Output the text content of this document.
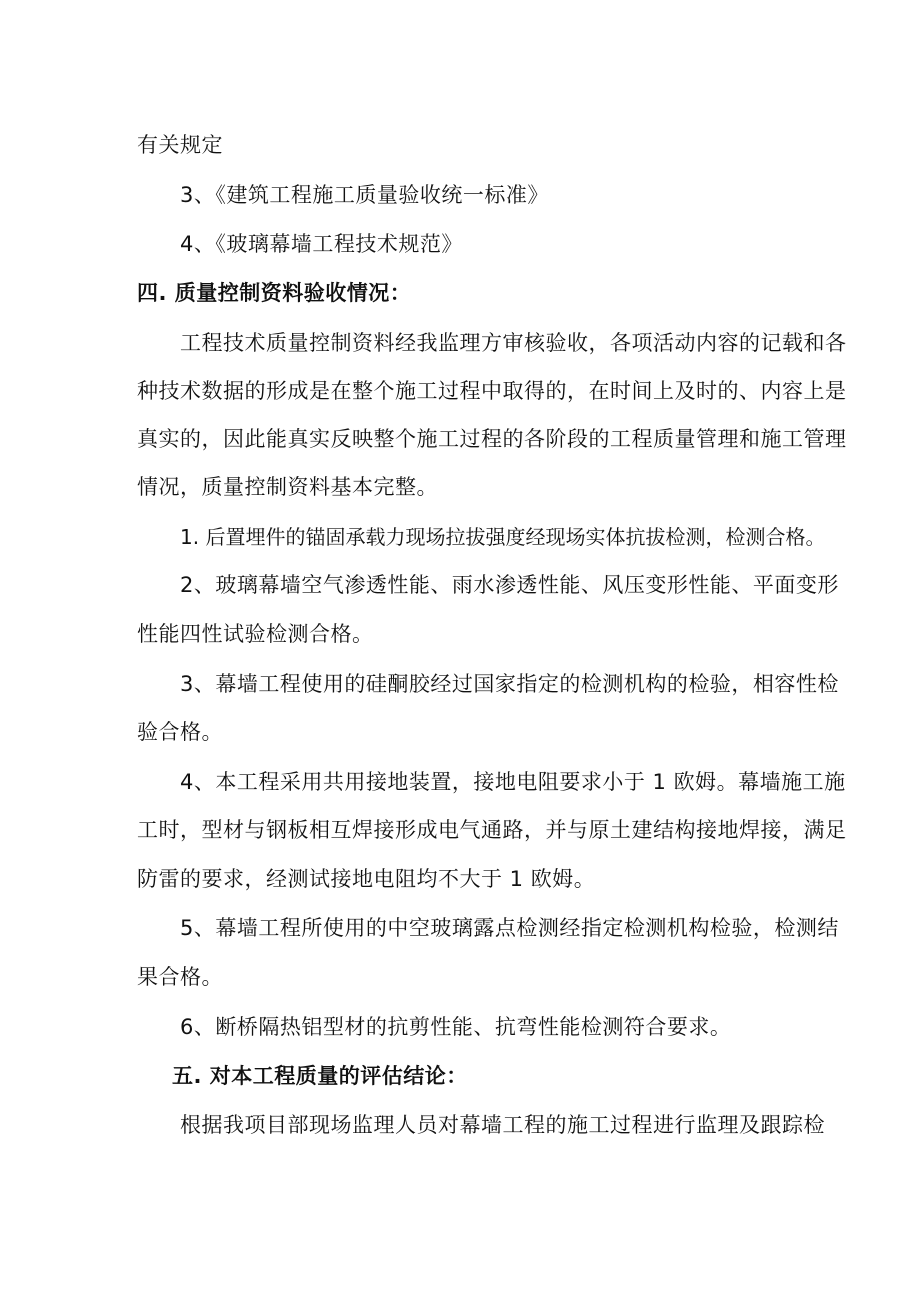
有关规定
3、《建筑工程施工质量验收统一标准》
4、《玻璃幕墙工程技术规范》
四. 质量控制资料验收情况：
工程技术质量控制资料经我监理方审核验收，各项活动内容的记载和各
种技术数据的形成是在整个施工过程中取得的，在时间上及时的、内容上是
真实的，因此能真实反映整个施工过程的各阶段的工程质量管理和施工管理
情况，质量控制资料基本完整。
1. 后置埋件的锚固承载力现场拉拔强度经现场实体抗拔检测，检测合格。
2、玻璃幕墙空气渗透性能、雨水渗透性能、风压变形性能、平面变形
性能四性试验检测合格。
3、幕墙工程使用的硅酮胶经过国家指定的检测机构的检验，相容性检
验合格。
4、本工程采用共用接地装置，接地电阻要求小于 1 欧姆。幕墙施工施
工时，型材与钢板相互焊接形成电气通路，并与原土建结构接地焊接，满足
防雷的要求，经测试接地电阻均不大于 1 欧姆。
5、幕墙工程所使用的中空玻璃露点检测经指定检测机构检验，检测结
果合格。
6、断桥隔热铝型材的抗剪性能、抗弯性能检测符合要求。
五. 对本工程质量的评估结论：
根据我项目部现场监理人员对幕墙工程的施工过程进行监理及跟踪检
